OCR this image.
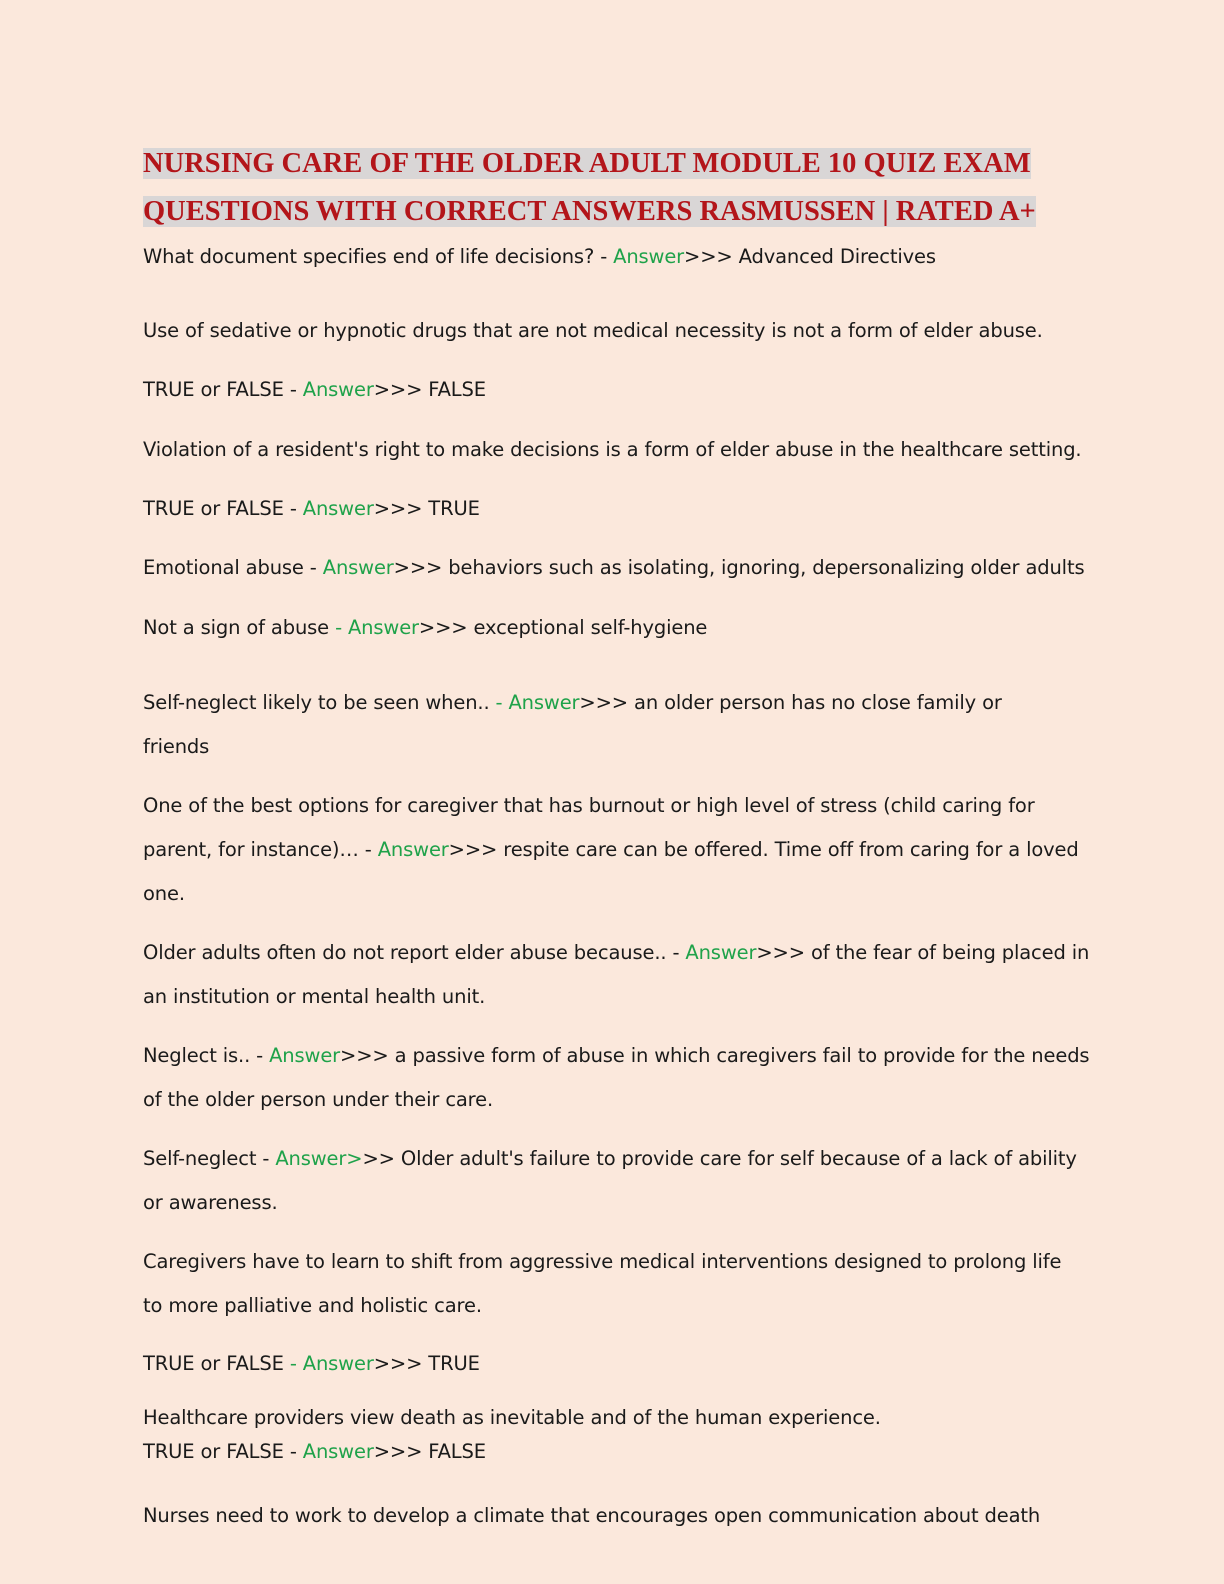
NURSING CARE OF THE OLDER ADULT MODULE 10 QUIZ EXAM
QUESTIONS WITH CORRECT ANSWERS RASMUSSEN | RATED A+

What document specifies end of life decisions? - Answer>>> Advanced Directives

Use of sedative or hypnotic drugs that are not medical necessity is not a form of elder abuse.

TRUE or FALSE - Answer>>> FALSE

Violation of a resident's right to make decisions is a form of elder abuse in the healthcare setting.

TRUE or FALSE - Answer>>> TRUE

Emotional abuse - Answer>>> behaviors such as isolating, ignoring, depersonalizing older adults

Not a sign of abuse - Answer>>> exceptional self-hygiene

Self-neglect likely to be seen when.. - Answer>>> an older person has no close family or

friends

One of the best options for caregiver that has burnout or high level of stress (child caring for

parent, for instance)… - Answer>>> respite care can be offered. Time off from caring for a loved

one.

Older adults often do not report elder abuse because.. - Answer>>> of the fear of being placed in

an institution or mental health unit.

Neglect is.. - Answer>>> a passive form of abuse in which caregivers fail to provide for the needs

of the older person under their care.

Self-neglect - Answer>>> Older adult's failure to provide care for self because of a lack of ability

or awareness.

Caregivers have to learn to shift from aggressive medical interventions designed to prolong life

to more palliative and holistic care.

TRUE or FALSE - Answer>>> TRUE

Healthcare providers view death as inevitable and of the human experience.

TRUE or FALSE - Answer>>> FALSE

Nurses need to work to develop a climate that encourages open communication about death
